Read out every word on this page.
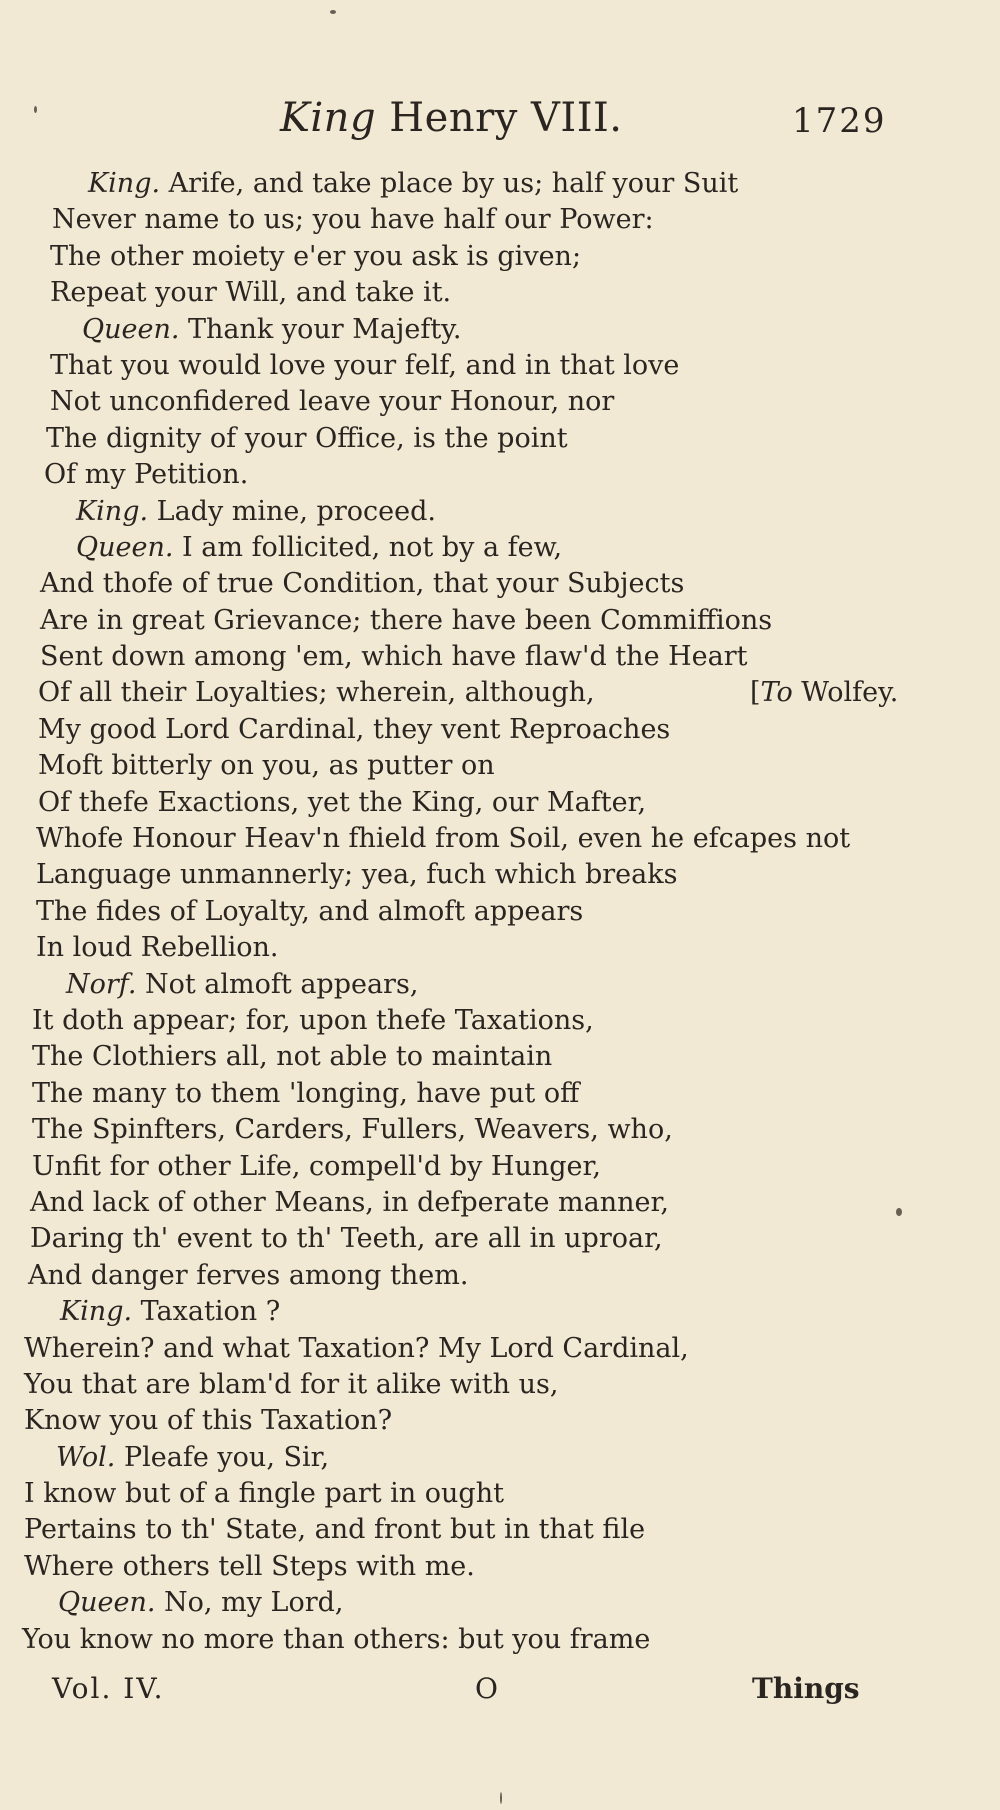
King Henry VIII.	1729
King. Arife, and take place by us; half your Suit
Never name to us; you have half our Power:
The other moiety e'er you ask is given;
Repeat your Will, and take it.
Queen. Thank your Majefty.
That you would love your felf, and in that love
Not unconfidered leave your Honour, nor
The dignity of your Office, is the point
Of my Petition.
King. Lady mine, proceed.
Queen. I am follicited, not by a few,
And thofe of true Condition, that your Subjects
Are in great Grievance; there have been Commiffions
Sent down among 'em, which have flaw'd the Heart
Of all their Loyalties; wherein, although,	[To Wolfey.
My good Lord Cardinal, they vent Reproaches
Moft bitterly on you, as putter on
Of thefe Exactions, yet the King, our Mafter,
Whofe Honour Heav'n fhield from Soil, even he efcapes not
Language unmannerly; yea, fuch which breaks
The fides of Loyalty, and almoft appears
In loud Rebellion.
Norf. Not almoft appears,
It doth appear; for, upon thefe Taxations,
The Clothiers all, not able to maintain
The many to them 'longing, have put off
The Spinfters, Carders, Fullers, Weavers, who,
Unfit for other Life, compell'd by Hunger,
And lack of other Means, in defperate manner,
Daring th' event to th' Teeth, are all in uproar,
And danger ferves among them.
King. Taxation ?
Wherein? and what Taxation? My Lord Cardinal,
You that are blam'd for it alike with us,
Know you of this Taxation?
Wol. Pleafe you, Sir,
I know but of a fingle part in ought
Pertains to th' State, and front but in that file
Where others tell Steps with me.
Queen. No, my Lord,
You know no more than others: but you frame
Vol. IV.	O	Things
